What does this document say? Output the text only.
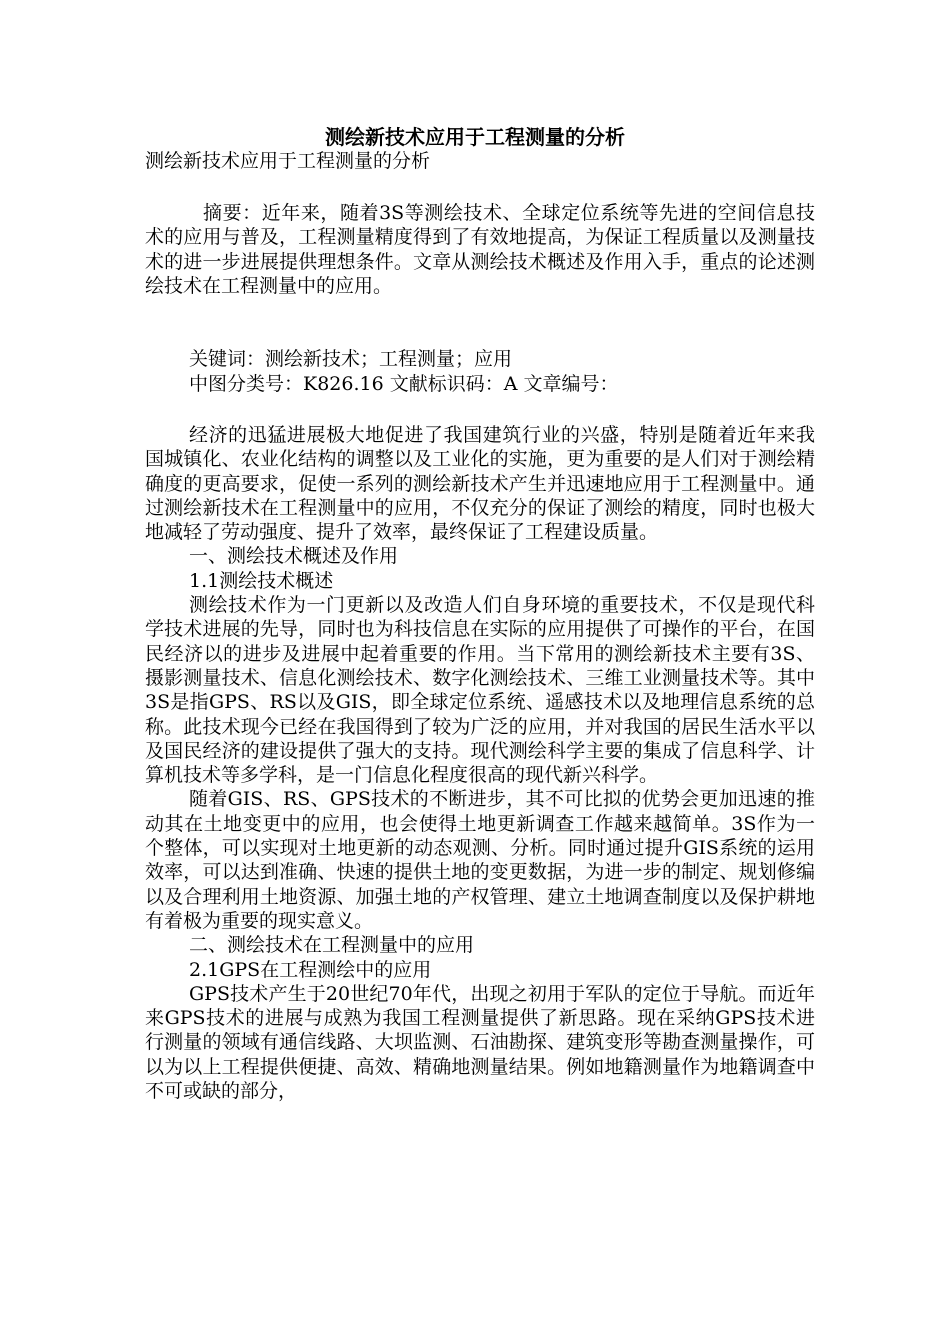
测绘新技术应用于工程测量的分析
测绘新技术应用于工程测量的分析
摘要：近年来，随着3S等测绘技术、全球定位系统等先进的空间信息技术的应用与普及，工程测量精度得到了有效地提高，为保证工程质量以及测量技术的进一步进展提供理想条件。文章从测绘技术概述及作用入手，重点的论述测绘技术在工程测量中的应用。
关键词：测绘新技术；工程测量；应用
中图分类号：K826.16 文献标识码：A 文章编号：

经济的迅猛进展极大地促进了我国建筑行业的兴盛，特别是随着近年来我国城镇化、农业化结构的调整以及工业化的实施，更为重要的是人们对于测绘精确度的更高要求，促使一系列的测绘新技术产生并迅速地应用于工程测量中。通过测绘新技术在工程测量中的应用，不仅充分的保证了测绘的精度，同时也极大地减轻了劳动强度、提升了效率，最终保证了工程建设质量。

一、测绘技术概述及作用

1.1测绘技术概述

测绘技术作为一门更新以及改造人们自身环境的重要技术，不仅是现代科学技术进展的先导，同时也为科技信息在实际的应用提供了可操作的平台，在国民经济以的进步及进展中起着重要的作用。当下常用的测绘新技术主要有3S、摄影测量技术、信息化测绘技术、数字化测绘技术、三维工业测量技术等。其中3S是指GPS、RS以及GIS，即全球定位系统、遥感技术以及地理信息系统的总称。此技术现今已经在我国得到了较为广泛的应用，并对我国的居民生活水平以及国民经济的建设提供了强大的支持。现代测绘科学主要的集成了信息科学、计算机技术等多学科，是一门信息化程度很高的现代新兴科学。

随着GIS、RS、GPS技术的不断进步，其不可比拟的优势会更加迅速的推动其在土地变更中的应用，也会使得土地更新调查工作越来越简单。3S作为一个整体，可以实现对土地更新的动态观测、分析。同时通过提升GIS系统的运用效率，可以达到准确、快速的提供土地的变更数据，为进一步的制定、规划修编以及合理利用土地资源、加强土地的产权管理、建立土地调查制度以及保护耕地有着极为重要的现实意义。

二、测绘技术在工程测量中的应用

2.1GPS在工程测绘中的应用

GPS技术产生于20世纪70年代，出现之初用于军队的定位于导航。而近年来GPS技术的进展与成熟为我国工程测量提供了新思路。现在采纳GPS技术进行测量的领域有通信线路、大坝监测、石油勘探、建筑变形等勘查测量操作，可以为以上工程提供便捷、高效、精确地测量结果。例如地籍测量作为地籍调查中不可或缺的部分，
